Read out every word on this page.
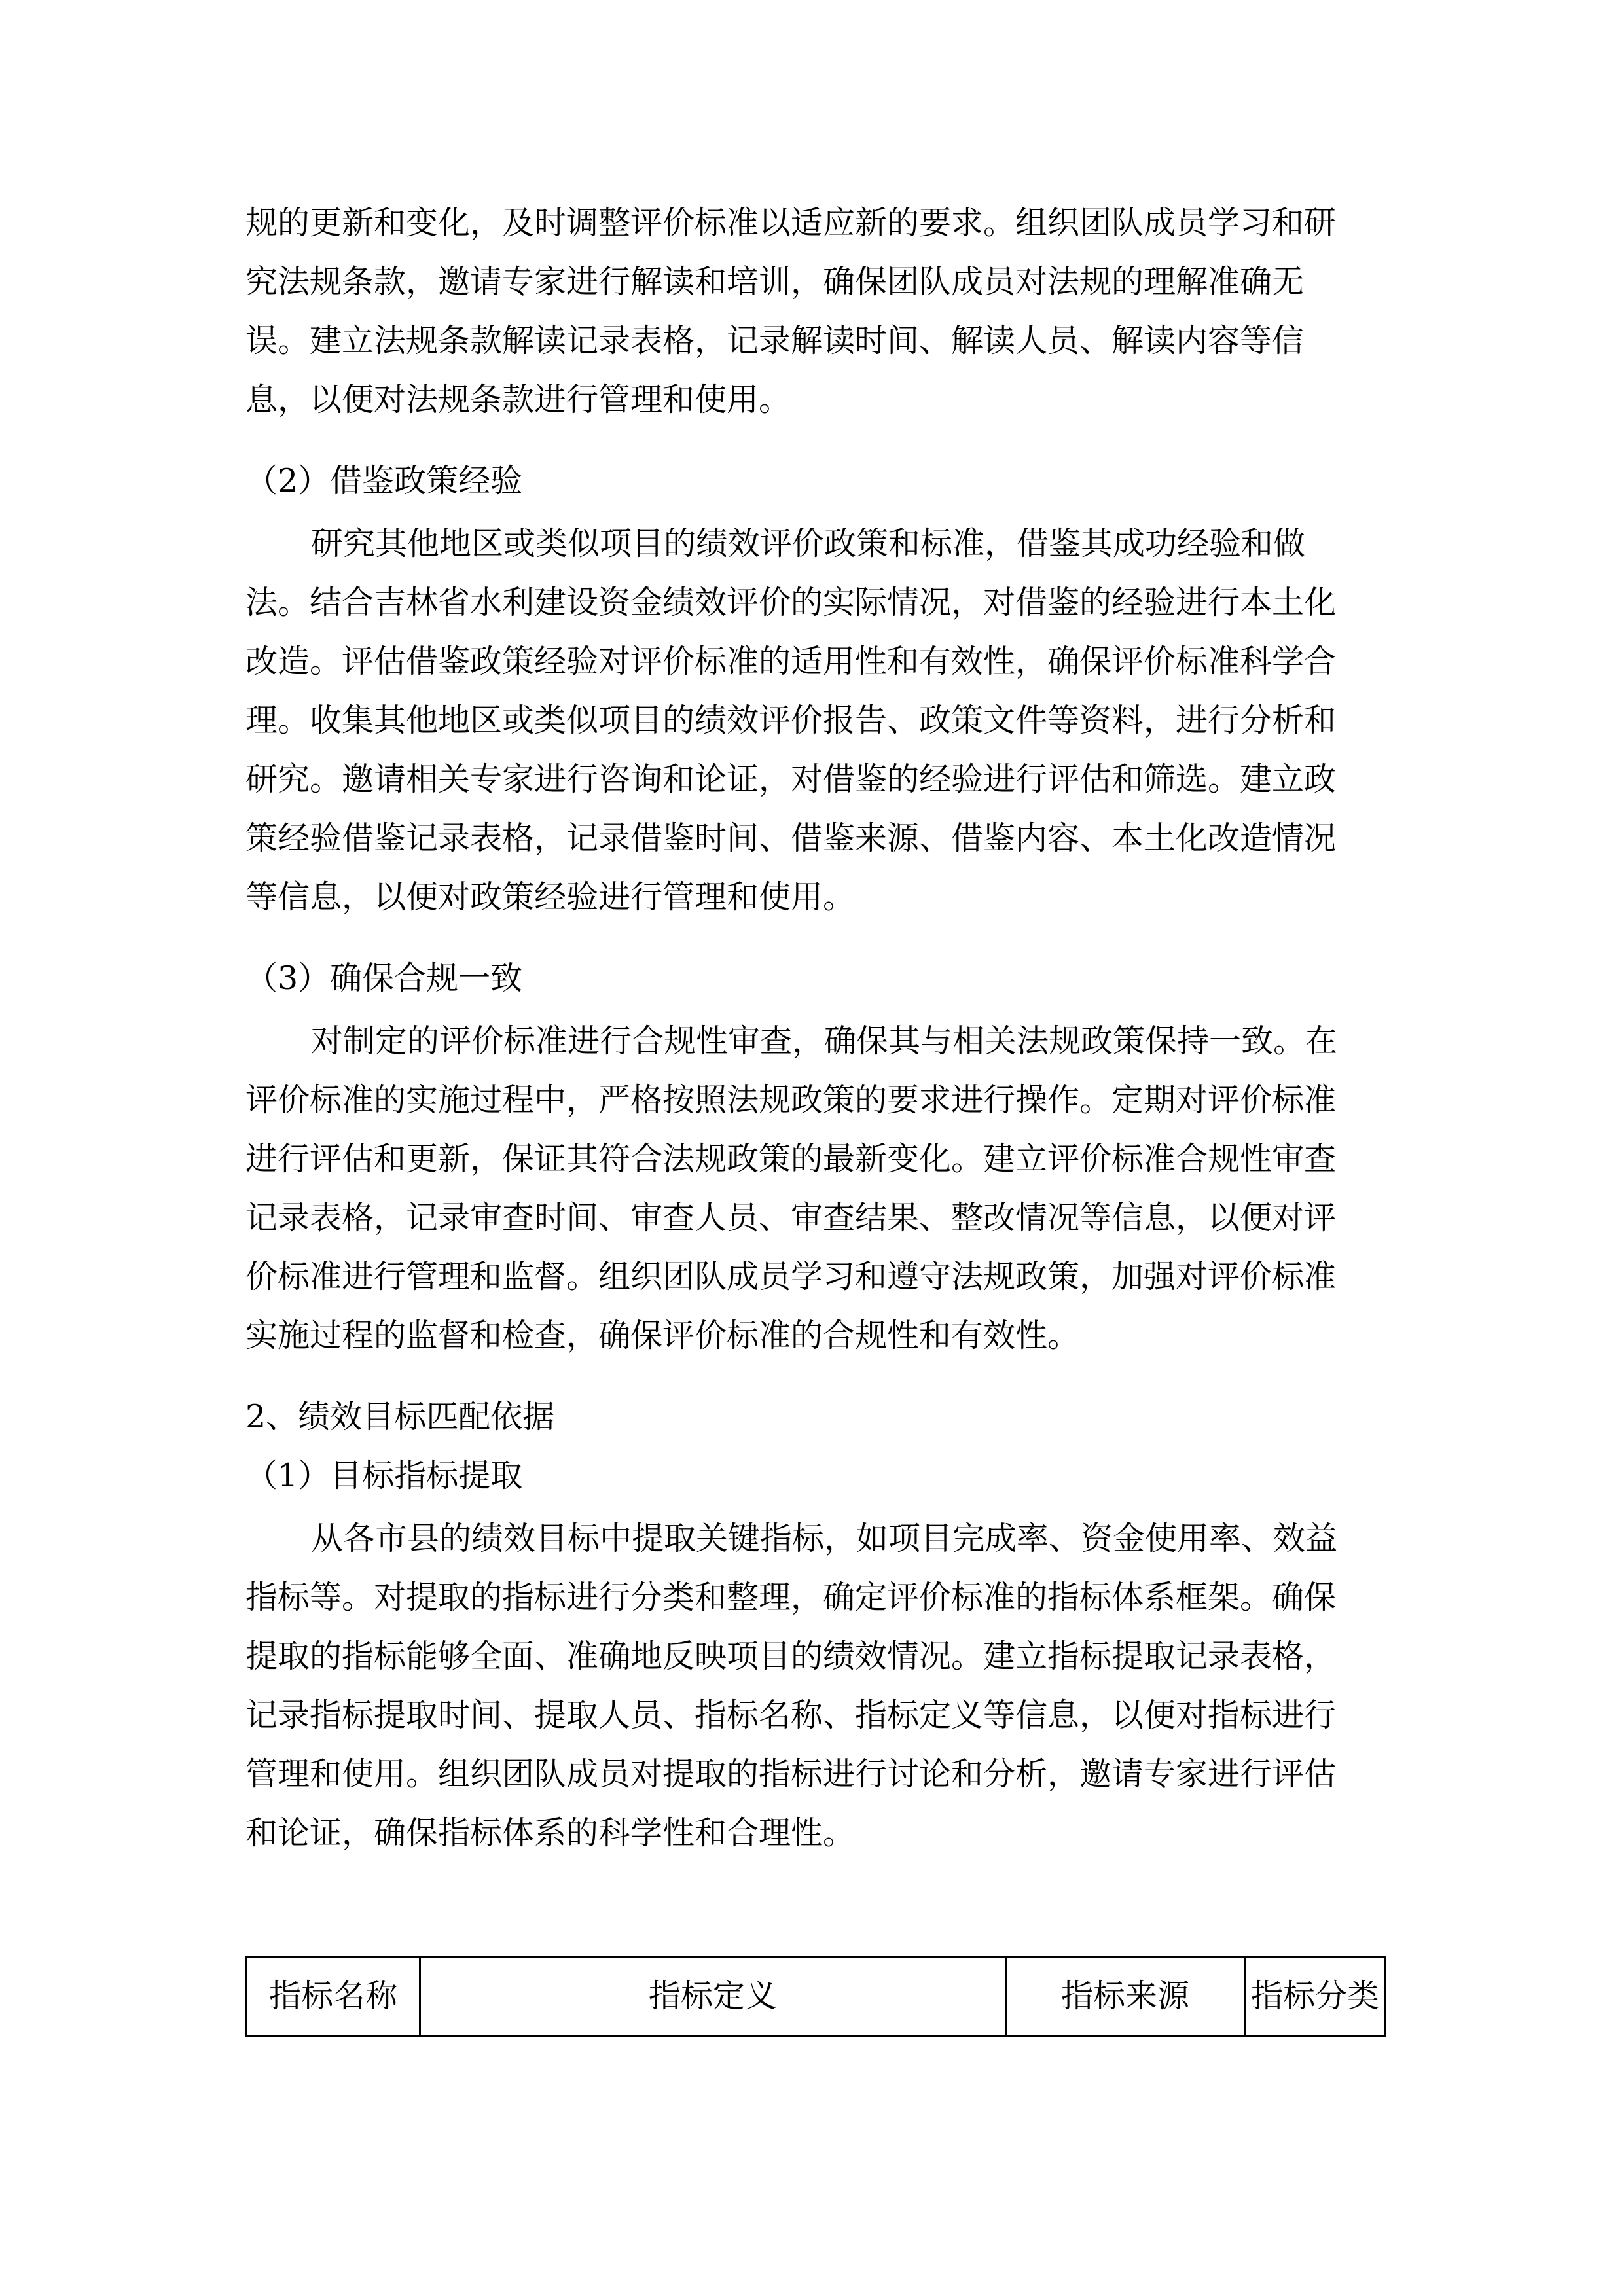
规的更新和变化，及时调整评价标准以适应新的要求。组织团队成员学习和研
究法规条款，邀请专家进行解读和培训，确保团队成员对法规的理解准确无
误。建立法规条款解读记录表格，记录解读时间、解读人员、解读内容等信
息，以便对法规条款进行管理和使用。
（2）借鉴政策经验
研究其他地区或类似项目的绩效评价政策和标准，借鉴其成功经验和做
法。结合吉林省水利建设资金绩效评价的实际情况，对借鉴的经验进行本土化
改造。评估借鉴政策经验对评价标准的适用性和有效性，确保评价标准科学合
理。收集其他地区或类似项目的绩效评价报告、政策文件等资料，进行分析和
研究。邀请相关专家进行咨询和论证，对借鉴的经验进行评估和筛选。建立政
策经验借鉴记录表格，记录借鉴时间、借鉴来源、借鉴内容、本土化改造情况
等信息，以便对政策经验进行管理和使用。
（3）确保合规一致
对制定的评价标准进行合规性审查，确保其与相关法规政策保持一致。在
评价标准的实施过程中，严格按照法规政策的要求进行操作。定期对评价标准
进行评估和更新，保证其符合法规政策的最新变化。建立评价标准合规性审查
记录表格，记录审查时间、审查人员、审查结果、整改情况等信息，以便对评
价标准进行管理和监督。组织团队成员学习和遵守法规政策，加强对评价标准
实施过程的监督和检查，确保评价标准的合规性和有效性。
2、绩效目标匹配依据
（1）目标指标提取
从各市县的绩效目标中提取关键指标，如项目完成率、资金使用率、效益
指标等。对提取的指标进行分类和整理，确定评价标准的指标体系框架。确保
提取的指标能够全面、准确地反映项目的绩效情况。建立指标提取记录表格，
记录指标提取时间、提取人员、指标名称、指标定义等信息，以便对指标进行
管理和使用。组织团队成员对提取的指标进行讨论和分析，邀请专家进行评估
和论证，确保指标体系的科学性和合理性。
指标名称	指标定义	指标来源	指标分类
